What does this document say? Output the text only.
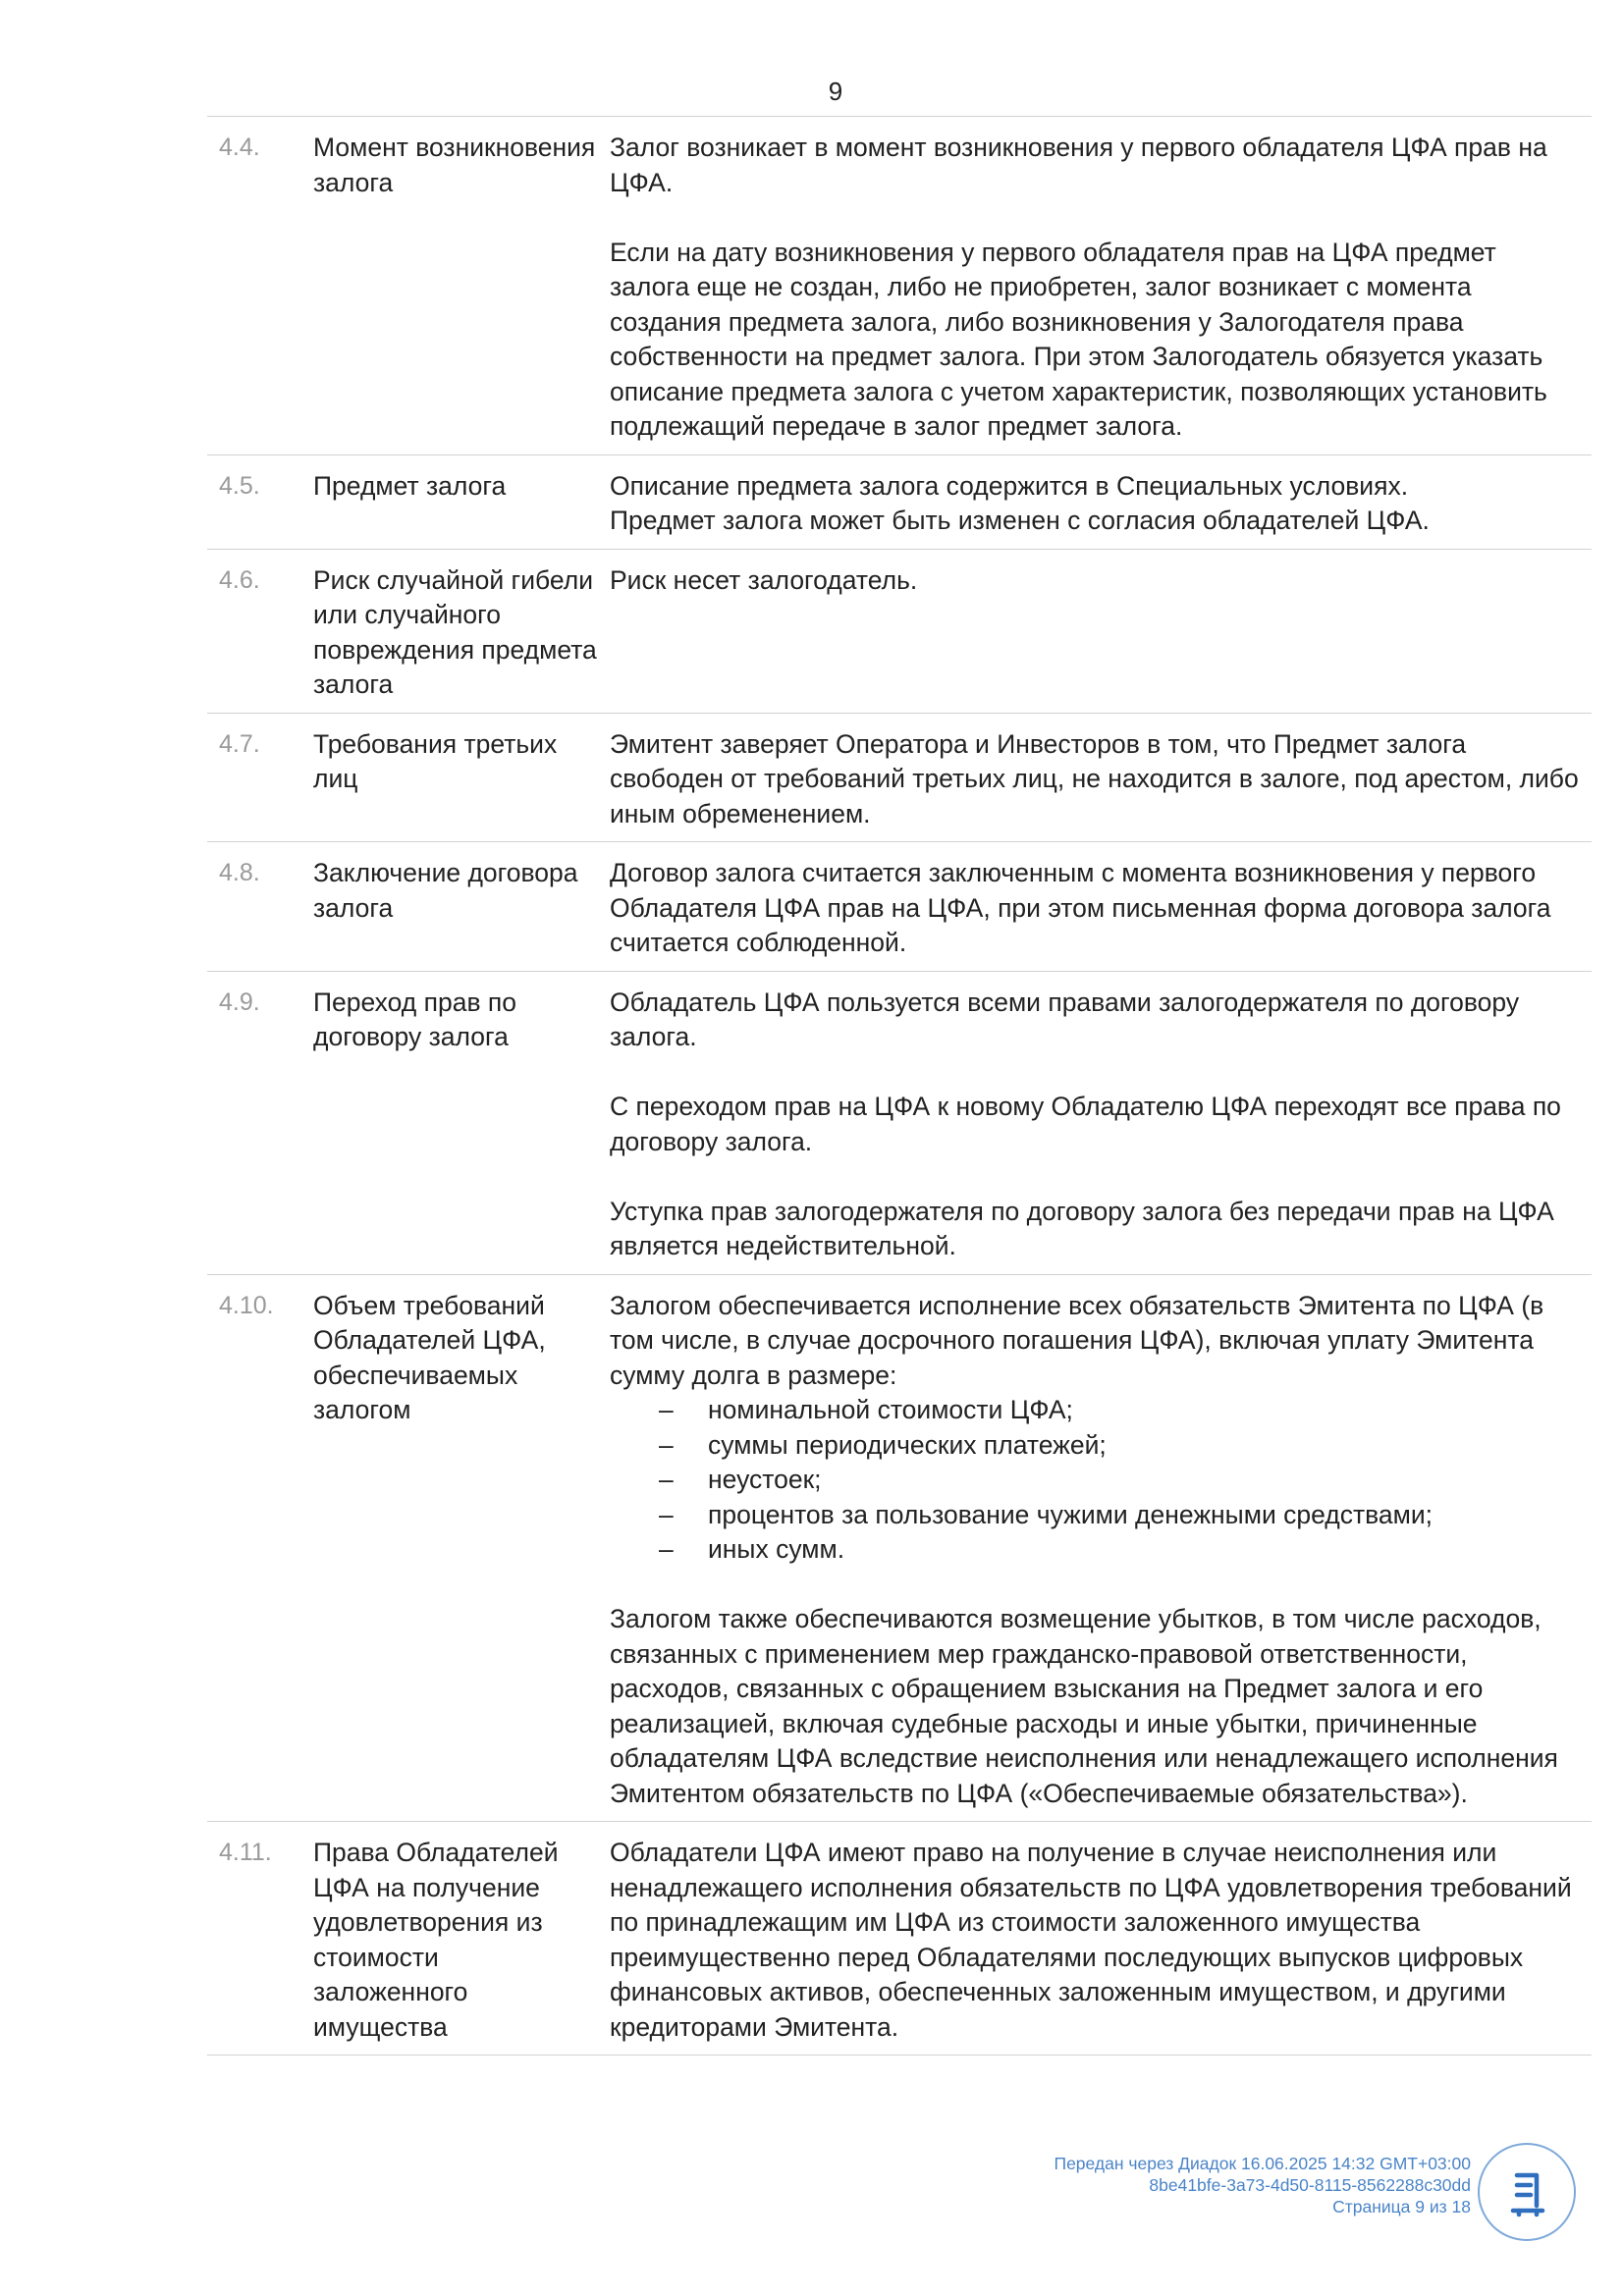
9
4.4.	Момент возникновения залога

Залог возникает в момент возникновения у первого обладателя ЦФА прав на ЦФА.

Если на дату возникновения у первого обладателя прав на ЦФА предмет залога еще не создан, либо не приобретен, залог возникает с момента создания предмета залога, либо возникновения у Залогодателя права собственности на предмет залога. При этом Залогодатель обязуется указать описание предмета залога с учетом характеристик, позволяющих установить подлежащий передаче в залог предмет залога.

4.5.	Предмет залога	Описание предмета залога содержится в Специальных условиях.
Предмет залога может быть изменен с согласия обладателей ЦФА.
4.6.	Риск случайной гибели или случайного повреждения предмета залога

Риск несет залогодатель.

4.7.	Требования третьих лиц

Эмитент заверяет Оператора и Инвесторов в том, что Предмет залога свободен от требований третьих лиц, не находится в залоге, под арестом, либо иным обременением.

4.8.	Заключение договора залога

Договор залога считается заключенным с момента возникновения у первого Обладателя ЦФА прав на ЦФА, при этом письменная форма договора залога считается соблюденной.

4.9.	Переход прав по договору залога

Обладатель ЦФА пользуется всеми правами залогодержателя по договору залога.

С переходом прав на ЦФА к новому Обладателю ЦФА переходят все права по договору залога.

Уступка прав залогодержателя по договору залога без передачи прав на ЦФА является недействительной.

4.10.	Объем требований Обладателей ЦФА, обеспечиваемых залогом
Залогом обеспечивается исполнение всех обязательств Эмитента по ЦФА (в том числе, в случае досрочного погашения ЦФА), включая уплату Эмитента сумму долга в размере:
– номинальной стоимости ЦФА;
– суммы периодических платежей;
– неустоек;
– процентов за пользование чужими денежными средствами;
– иных сумм.

Залогом также обеспечиваются возмещение убытков, в том числе расходов, связанных с применением мер гражданско-правовой ответственности, расходов, связанных с обращением взыскания на Предмет залога и его реализацией, включая судебные расходы и иные убытки, причиненные обладателям ЦФА вследствие неисполнения или ненадлежащего исполнения Эмитентом обязательств по ЦФА («Обеспечиваемые обязательства»).

4.11.	Права Обладателей ЦФА на получение удовлетворения из стоимости заложенного имущества

Обладатели ЦФА имеют право на получение в случае неисполнения или ненадлежащего исполнения обязательств по ЦФА удовлетворения требований по принадлежащим им ЦФА из стоимости заложенного имущества преимущественно перед Обладателями последующих выпусков цифровых финансовых активов, обеспеченных заложенным имуществом, и другими кредиторами Эмитента.

Передан через Диадок 16.06.2025 14:32 GMT+03:00
8be41bfe-3a73-4d50-8115-8562288c30dd
Страница 9 из 18
